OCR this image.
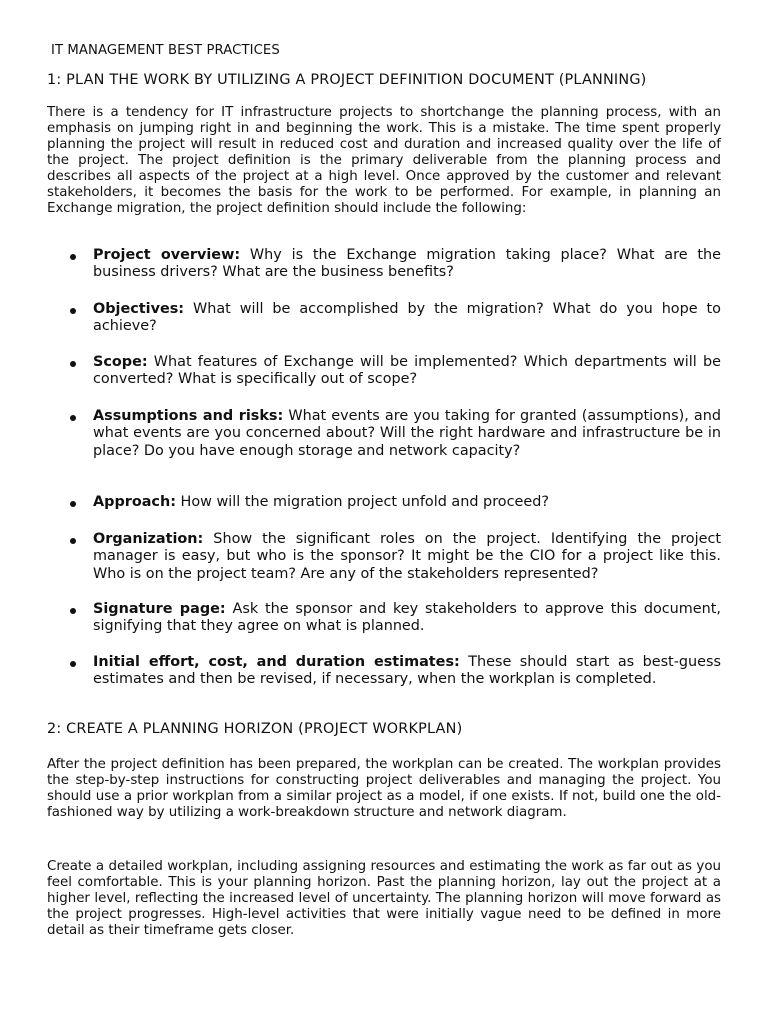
IT MANAGEMENT BEST PRACTICES
1: PLAN THE WORK BY UTILIZING A PROJECT DEFINITION DOCUMENT (PLANNING)

There is a tendency for IT infrastructure projects to shortchange the planning process, with an emphasis on jumping right in and beginning the work. This is a mistake. The time spent properly planning the project will result in reduced cost and duration and increased quality over the life of the project. The project definition is the primary deliverable from the planning process and describes all aspects of the project at a high level. Once approved by the customer and relevant stakeholders, it becomes the basis for the work to be performed. For example, in planning an Exchange migration, the project definition should include the following:

Project overview: Why is the Exchange migration taking place? What are the business drivers? What are the business benefits?
Objectives: What will be accomplished by the migration? What do you hope to achieve?
Scope: What features of Exchange will be implemented? Which departments will be converted? What is specifically out of scope?
Assumptions and risks: What events are you taking for granted (assumptions), and what events are you concerned about? Will the right hardware and infrastructure be in place? Do you have enough storage and network capacity?
Approach: How will the migration project unfold and proceed?
Organization: Show the significant roles on the project. Identifying the project manager is easy, but who is the sponsor? It might be the CIO for a project like this. Who is on the project team? Are any of the stakeholders represented?
Signature page: Ask the sponsor and key stakeholders to approve this document, signifying that they agree on what is planned.
Initial effort, cost, and duration estimates: These should start as best-guess estimates and then be revised, if necessary, when the workplan is completed.
2: CREATE A PLANNING HORIZON (PROJECT WORKPLAN)

After the project definition has been prepared, the workplan can be created. The workplan provides the step-by-step instructions for constructing project deliverables and managing the project. You should use a prior workplan from a similar project as a model, if one exists. If not, build one the old-fashioned way by utilizing a work-breakdown structure and network diagram.

Create a detailed workplan, including assigning resources and estimating the work as far out as you feel comfortable. This is your planning horizon. Past the planning horizon, lay out the project at a higher level, reflecting the increased level of uncertainty. The planning horizon will move forward as the project progresses. High-level activities that were initially vague need to be defined in more detail as their timeframe gets closer.
